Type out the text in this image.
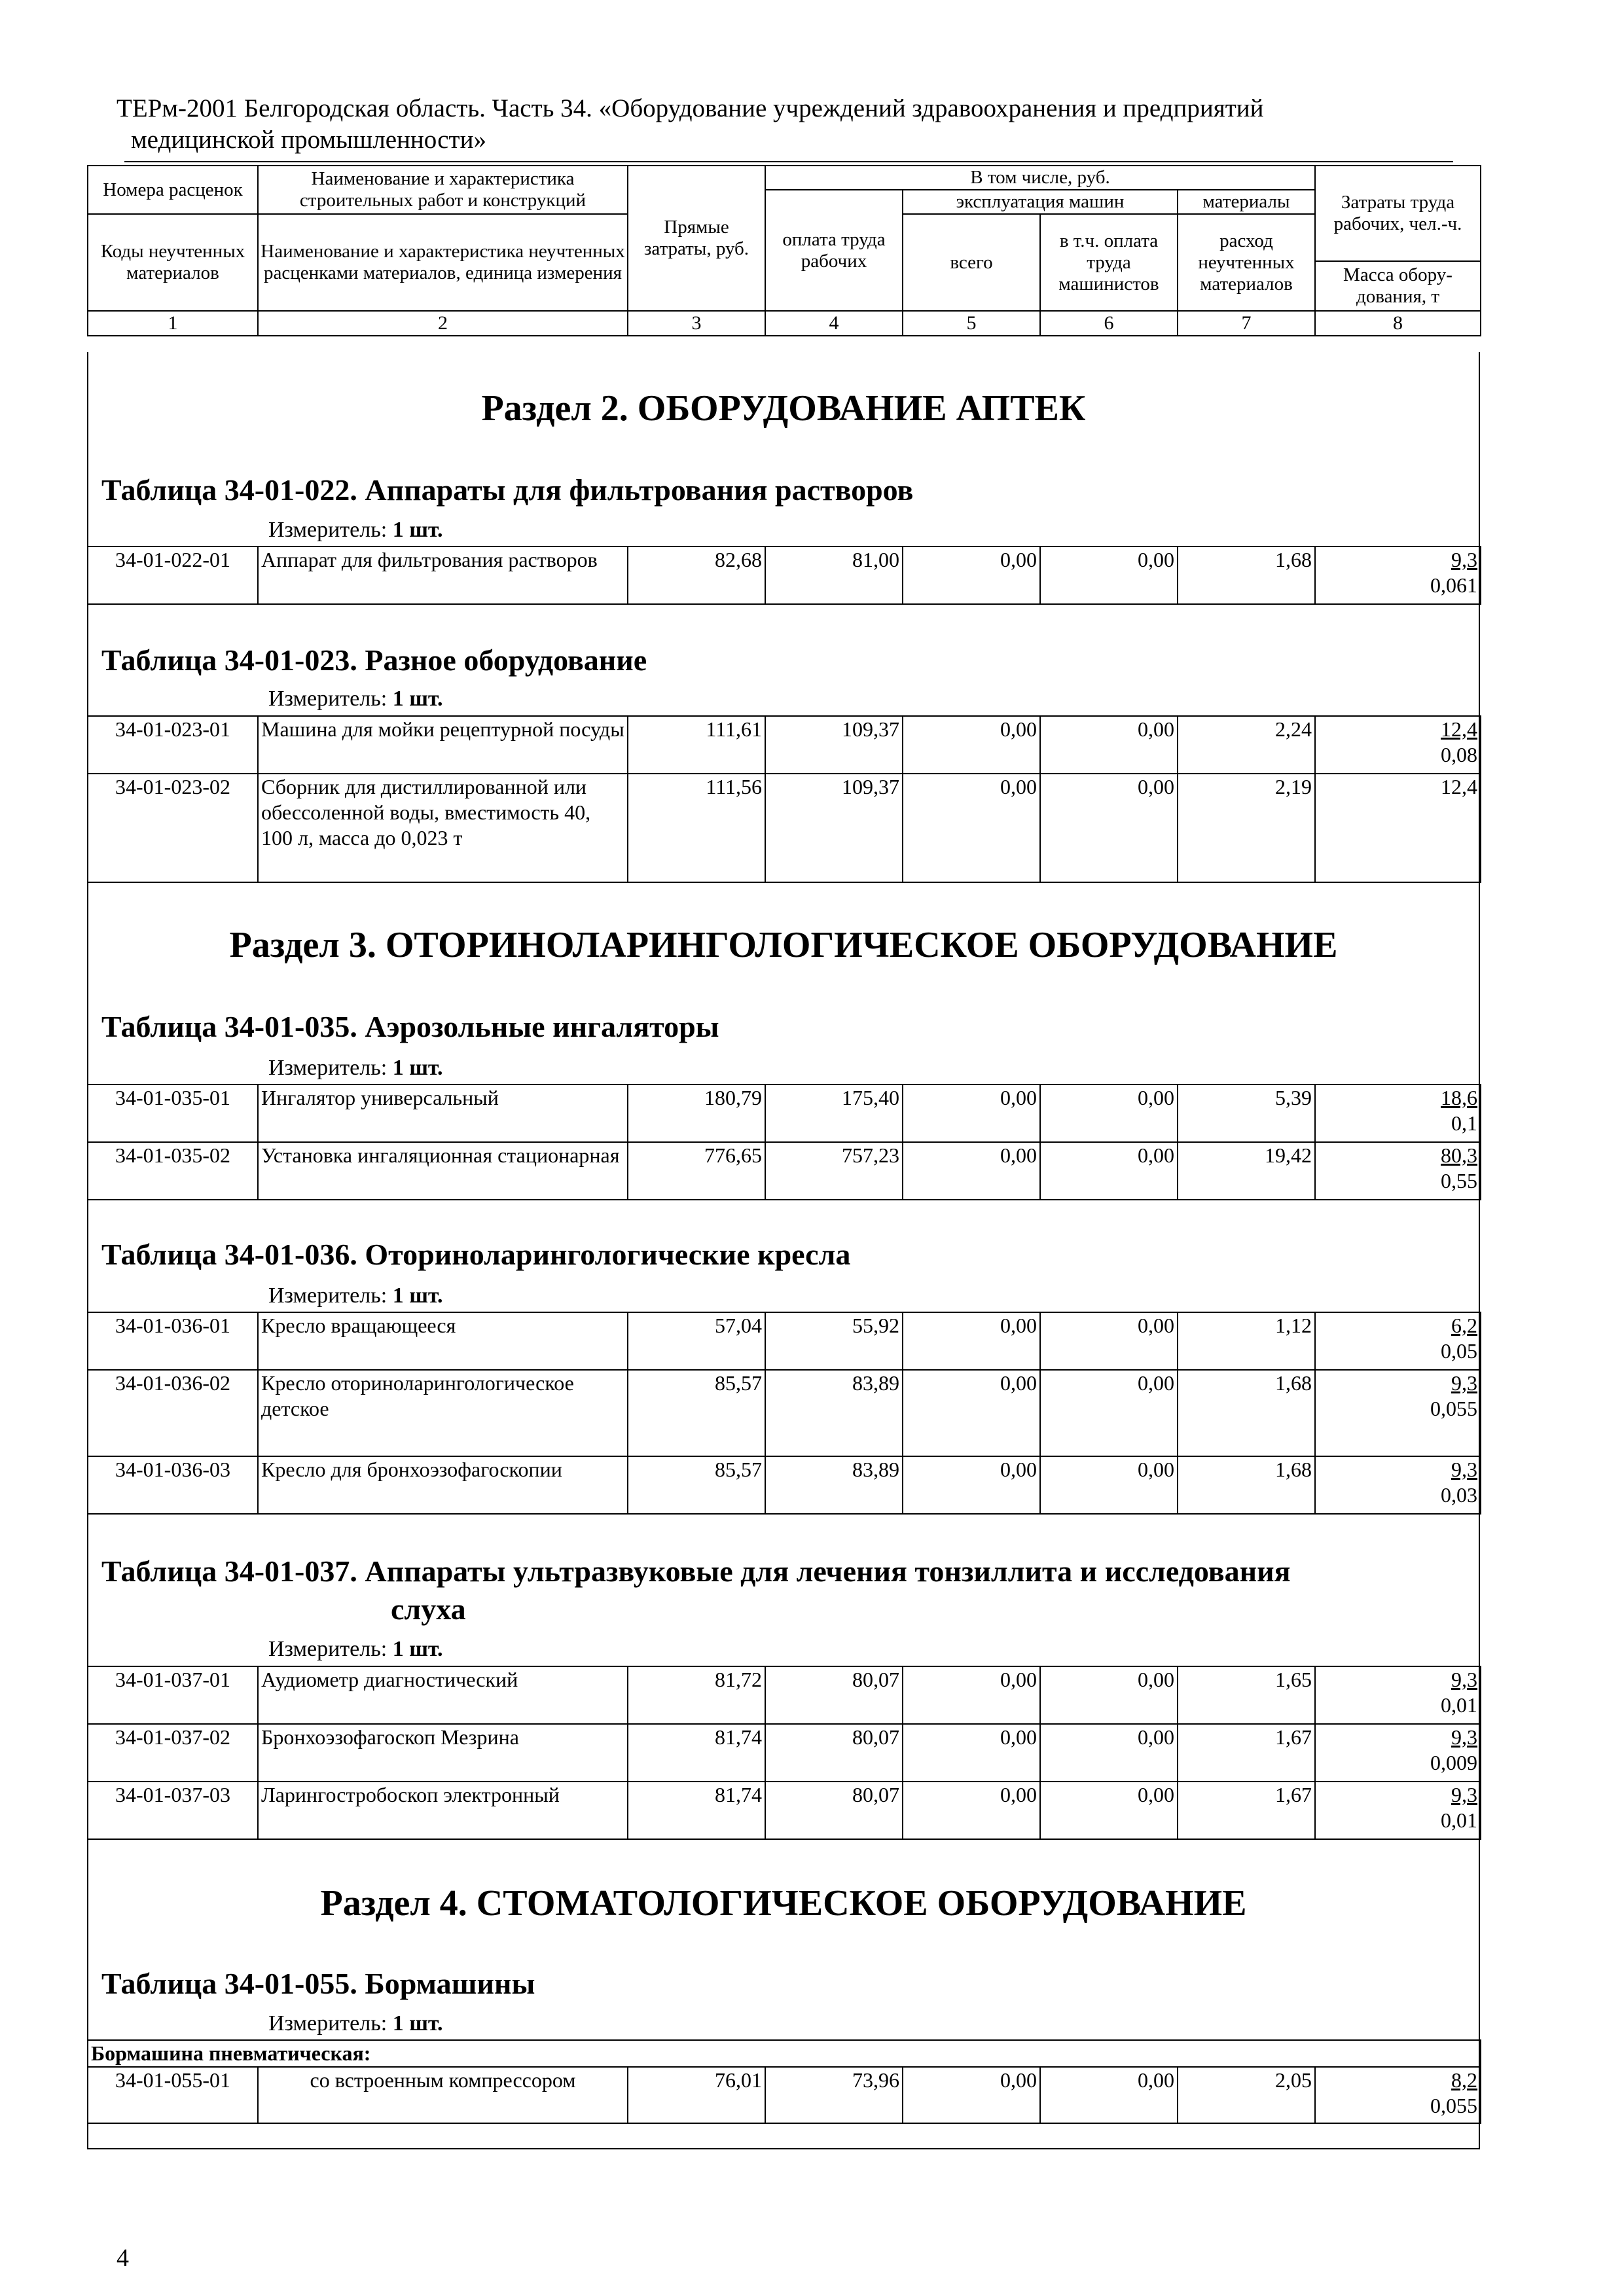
ТЕРм-2001 Белгородская область. Часть 34. «Оборудование учреждений здравоохранения и предприятий
медицинской промышленности»
Номера расценок	Наименование и характеристика строительных работ и конструкций	Прямые затраты, руб.	В том числе, руб.				Затраты труда рабочих, чел.-ч.
			оплата труда рабочих	эксплуатация машин		материалы	
Коды неучтенных материалов	Наименование и характеристика неучтенных расценками материалов, единица измерения			всего	в т.ч. оплата труда машинистов	расход неучтенных материалов	
							Масса обору-дования, т
1	2	3	4	5	6	7	8
Раздел 2. ОБОРУДОВАНИЕ АПТЕК
Таблица 34-01-022. Аппараты для фильтрования растворов
Измеритель: 1 шт.
34-01-022-01	Аппарат для фильтрования растворов	82,68	81,00	0,00	0,00	1,68	9,3
0,061
Таблица 34-01-023. Разное оборудование
Измеритель: 1 шт.
34-01-023-01	Машина для мойки рецептурной посуды	111,61	109,37	0,00	0,00	2,24	12,4
0,08

34-01-023-02	Сборник для дистиллированной или обессоленной воды, вместимость 40, 100 л, масса до 0,023 т	111,56	109,37	0,00	0,00	2,19	12,4
Раздел 3. ОТОРИНОЛАРИНГОЛОГИЧЕСКОЕ ОБОРУДОВАНИЕ
Таблица 34-01-035. Аэрозольные ингаляторы
Измеритель: 1 шт.
34-01-035-01	Ингалятор универсальный	180,79	175,40	0,00	0,00	5,39	18,6
0,1

34-01-035-02	Установка ингаляционная стационарная	776,65	757,23	0,00	0,00	19,42	80,3
0,55
Таблица 34-01-036. Оториноларингологические кресла
Измеритель: 1 шт.
34-01-036-01	Кресло вращающееся	57,04	55,92	0,00	0,00	1,12	6,2
0,05

34-01-036-02	Кресло оториноларингологическое детское	85,57	83,89	0,00	0,00	1,68	9,3
0,055

34-01-036-03	Кресло для бронхоэзофагоскопии	85,57	83,89	0,00	0,00	1,68	9,3
0,03
Таблица 34-01-037. Аппараты ультразвуковые для лечения тонзиллита и исследования
слуха
Измеритель: 1 шт.
34-01-037-01	Аудиометр диагностический	81,72	80,07	0,00	0,00	1,65	9,3
0,01

34-01-037-02	Бронхоэзофагоскоп Мезрина	81,74	80,07	0,00	0,00	1,67	9,3
0,009

34-01-037-03	Ларингостробоскоп электронный	81,74	80,07	0,00	0,00	1,67	9,3
0,01
Раздел 4. СТОМАТОЛОГИЧЕСКОЕ ОБОРУДОВАНИЕ
Таблица 34-01-055. Бормашины
Измеритель: 1 шт.
Бормашина пневматическая:
34-01-055-01	со встроенным компрессором	76,01	73,96	0,00	0,00	2,05	8,2
0,055
4
